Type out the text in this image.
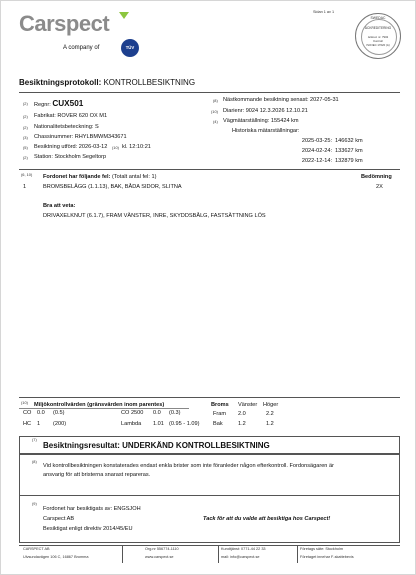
Carspect
A company of	TÜV
Sidan 1 av 1
SWEDAC
ACKREDITERING
Ackred. nr. 7902
Kontroll
ISO/IEC 17020 (A)
Besiktningsprotokoll: KONTROLLBESIKTNING
(2) Regnr: CUX501
(2) Fabrikat: ROVER 620 OX M1
(2) Nationalitetsbeteckning: S
(3) Chassinummer: RHYLBMWM343671
(5) Besiktning utförd: 2026-03-12 (10) kl. 12:10:21
(2) Station: Stockholm Segeltorp
(8) Nästkommande besiktning senast: 2027-05-31
(10) Diarienr: 9024 12.3.2026 12.10.21
(4) Vägmätarställning: 155424 km
Historiska mätarställningar:
2025-03-25: 146632 km
2024-02-24: 133627 km
2022-12-14: 132879 km
(6, 10) Fordonet har följande fel: (Totalt antal fel: 1)	Bedömning
1	BROMSBELÄGG (1.1.13), BAK, BÅDA SIDOR, SLITNA	2X
Bra att veta:
DRIVAXELKNUT (6.1.7), FRAM VÄNSTER, INRE, SKYDDSBÅLG, FASTSÄTTNING LÖS
(10) Miljökontrollvärden (gränsvärden inom parentes)
CO 0.0 (0.5)	CO 2500 0.0 (0.3)
HC 1 (200)	Lambda 1.01 (0.95 - 1.09)
Broms Vänster Höger
Fram 2.0	2.2
Bak	1.2	1.2
(7)
Besiktningsresultat: UNDERKÄND KONTROLLBESIKTNING
(8)
Vid kontrollbesiktningen konstaterades endast enkla brister som inte föranleder någon efterkontroll. Fordonsägaren är
ansvarig för att bristerna snarast repareras.
(9)
Fordonet har besiktigats av: ENGSJOH
Carspect AB
Besiktigat enligt direktiv 2014/45/EU
Tack för att du valde att besiktiga hos Carspect!
CARSPECT AB
Ulvsundavägen 106 C, 16867 Bromma
Org.nr 556774-1110
www.carspect.se
Kundtjänst: 0771-44 22 33
mail: info@carspect.se
Företags säte: Stockholm
Företaget innehar F-skattebevis
